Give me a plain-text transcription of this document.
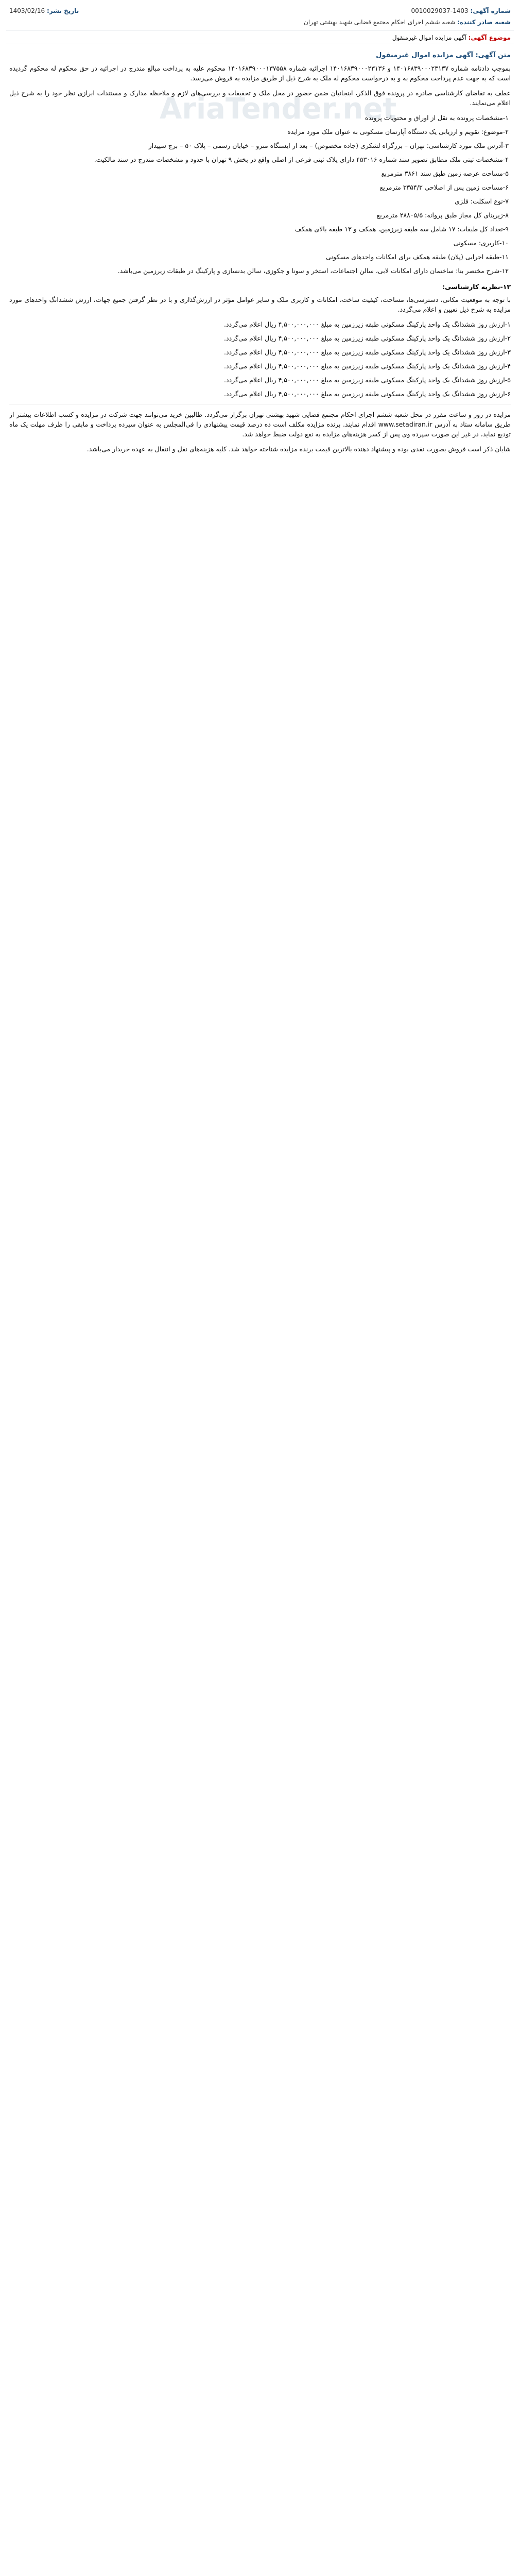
AriaTender.net
شماره آگهی: 1403-0010029037
تاریخ نشر: 1403/02/16
شعبه صادر کننده: شعبه ششم اجرای احکام مجتمع قضایی شهید بهشتی تهران
موضوع آگهی: آگهی مزایده اموال غیرمنقول
متن آگهی: آگهی مزایده اموال غیرمنقول

بموجب دادنامه شماره ۱۴۰۱۶۸۳۹۰۰۰۲۳۱۳۷ و ۱۴۰۱۶۸۳۹۰۰۰۲۳۱۳۶ اجرائیه شماره ۱۴۰۱۶۸۳۹۰۰۰۱۳۷۵۵۸ محکوم علیه به پرداخت مبالغ مندرج در اجرائیه در حق محکوم له محکوم گردیده است که به جهت عدم پرداخت محکوم به و به درخواست محکوم له ملک به شرح ذیل از طریق مزایده به فروش می‌رسد.

عطف به تقاضای کارشناسی صادره در پرونده فوق الذکر، اینجانبان ضمن حضور در محل ملک و تحقیقات و بررسی‌های لازم و ملاحظه مدارک و مستندات ابرازی نظر خود را به شرح ذیل اعلام می‌نمایند.

۱-مشخصات پرونده به نقل از اوراق و محتویات پرونده
۲-موضوع: تقویم و ارزیابی یک دستگاه آپارتمان مسکونی به عنوان ملک مورد مزایده
۳-آدرس ملک مورد کارشناسی: تهران – بزرگراه لشکری (جاده مخصوص) – بعد از ایستگاه مترو – خیابان رسمی – پلاک ۵۰ – برج سپیدار
۴-مشخصات ثبتی ملک مطابق تصویر سند شماره ۴۵۳۰۱۶ دارای پلاک ثبتی فرعی از اصلی واقع در بخش ۹ تهران با حدود و مشخصات مندرج در سند مالکیت.
۵-مساحت عرصه زمین طبق سند ۳۸۶۱ مترمربع
۶-مساحت زمین پس از اصلاحی ۳۳۵۴/۳ مترمربع
۷-نوع اسکلت: فلزی
۸-زیربنای کل مجاز طبق پروانه: ۲۸۸۰۵/۵ مترمربع
۹-تعداد کل طبقات: ۱۷ شامل سه طبقه زیرزمین، همکف و ۱۳ طبقه بالای همکف
۱۰-کاربری: مسکونی
۱۱-طبقه اجرایی (پلان) طبقه همکف برای امکانات واحدهای مسکونی
۱۲-شرح مختصر بنا: ساختمان دارای امکانات لابی، سالن اجتماعات، استخر و سونا و جکوزی، سالن بدنسازی و پارکینگ در طبقات زیرزمین می‌باشد.
۱۳-نظریه کارشناسی:

با توجه به موقعیت مکانی، دسترسی‌ها، مساحت، کیفیت ساخت، امکانات و کاربری ملک و سایر عوامل مؤثر در ارزش‌گذاری و با در نظر گرفتن جمیع جهات، ارزش ششدانگ واحدهای مورد مزایده به شرح ذیل تعیین و اعلام می‌گردد.

۱-ارزش روز ششدانگ یک واحد پارکینگ مسکونی طبقه زیرزمین به مبلغ ۴,۵۰۰,۰۰۰,۰۰۰ ریال اعلام می‌گردد.
۲-ارزش روز ششدانگ یک واحد پارکینگ مسکونی طبقه زیرزمین به مبلغ ۴,۵۰۰,۰۰۰,۰۰۰ ریال اعلام می‌گردد.
۳-ارزش روز ششدانگ یک واحد پارکینگ مسکونی طبقه زیرزمین به مبلغ ۴,۵۰۰,۰۰۰,۰۰۰ ریال اعلام می‌گردد.
۴-ارزش روز ششدانگ یک واحد پارکینگ مسکونی طبقه زیرزمین به مبلغ ۴,۵۰۰,۰۰۰,۰۰۰ ریال اعلام می‌گردد.
۵-ارزش روز ششدانگ یک واحد پارکینگ مسکونی طبقه زیرزمین به مبلغ ۴,۵۰۰,۰۰۰,۰۰۰ ریال اعلام می‌گردد.
۶-ارزش روز ششدانگ یک واحد پارکینگ مسکونی طبقه زیرزمین به مبلغ ۴,۵۰۰,۰۰۰,۰۰۰ ریال اعلام می‌گردد.

مزایده در روز و ساعت مقرر در محل شعبه ششم اجرای احکام مجتمع قضایی شهید بهشتی تهران برگزار می‌گردد. طالبین خرید می‌توانند جهت شرکت در مزایده و کسب اطلاعات بیشتر از طریق سامانه ستاد به آدرس www.setadiran.ir اقدام نمایند. برنده مزایده مکلف است ده درصد قیمت پیشنهادی را فی‌المجلس به عنوان سپرده پرداخت و مابقی را ظرف مهلت یک ماه تودیع نماید، در غیر این صورت سپرده وی پس از کسر هزینه‌های مزایده به نفع دولت ضبط خواهد شد.

شایان ذکر است فروش بصورت نقدی بوده و پیشنهاد دهنده بالاترین قیمت برنده مزایده شناخته خواهد شد. کلیه هزینه‌های نقل و انتقال به عهده خریدار می‌باشد.
